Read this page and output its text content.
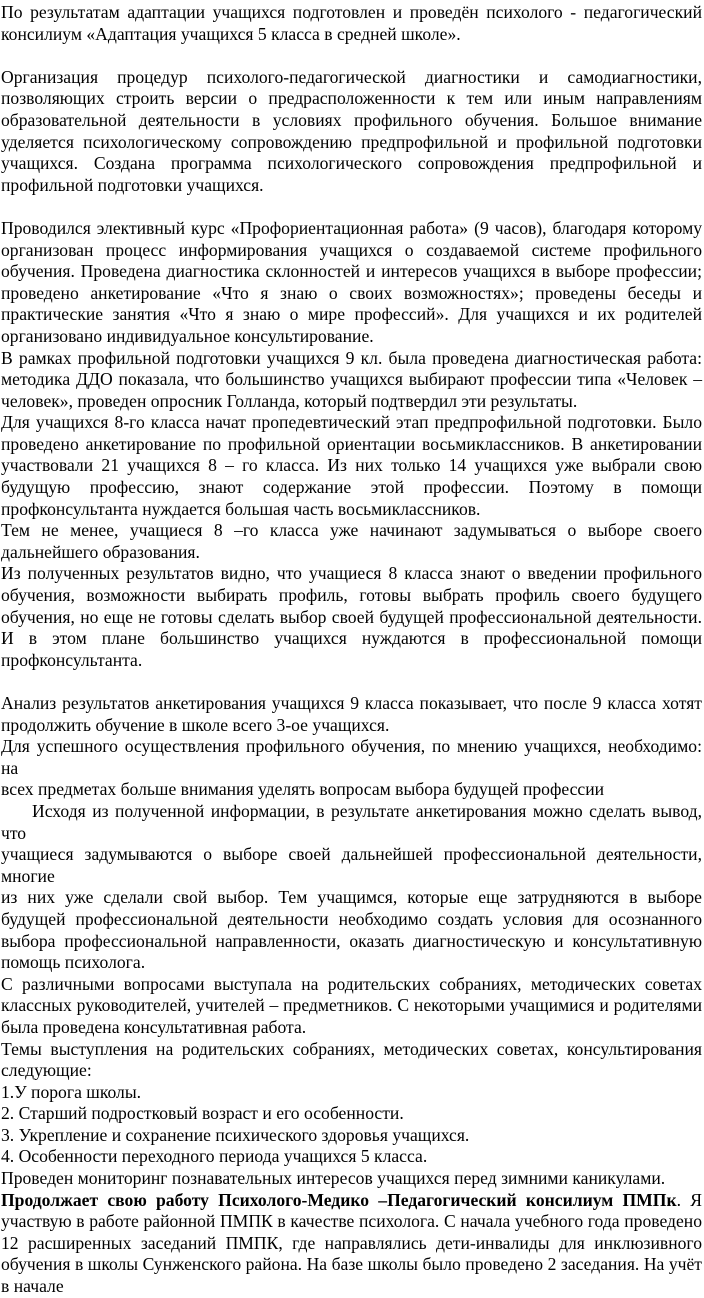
По результатам адаптации учащихся подготовлен и проведён психолого - педагогический консилиум «Адаптация учащихся 5 класса в средней школе».

Организация процедур психолого-педагогической диагностики и самодиагностики, позволяющих строить версии о предрасположенности к тем или иным направлениям образовательной деятельности в условиях профильного обучения. Большое внимание уделяется психологическому сопровождению предпрофильной и профильной подготовки учащихся. Создана программа психологического сопровождения предпрофильной и профильной подготовки учащихся.

Проводился элективный курс «Профориентационная работа» (9 часов), благодаря которому организован процесс информирования учащихся о создаваемой системе профильного обучения. Проведена диагностика склонностей и интересов учащихся в выборе профессии; проведено анкетирование «Что я знаю о своих возможностях»; проведены беседы и практические занятия «Что я знаю о мире профессий». Для учащихся и их родителей организовано индивидуальное консультирование.

В рамках профильной подготовки учащихся 9 кл. была проведена диагностическая работа: методика ДДО показала, что большинство учащихся выбирают профессии типа «Человек – человек», проведен опросник Голланда, который подтвердил эти результаты.

Для учащихся 8-го класса начат пропедевтический этап предпрофильной подготовки. Было проведено анкетирование по профильной ориентации восьмиклассников. В анкетировании участвовали 21 учащихся 8 – го класса. Из них только 14 учащихся уже выбрали свою будущую профессию, знают содержание этой профессии. Поэтому в помощи профконсультанта нуждается большая часть восьмиклассников.

Тем не менее, учащиеся 8 –го класса уже начинают задумываться о выборе своего дальнейшего образования.

Из полученных результатов видно, что учащиеся 8 класса знают о введении профильного обучения, возможности выбирать профиль, готовы выбрать профиль своего будущего обучения, но еще не готовы сделать выбор своей будущей профессиональной деятельности. И в этом плане большинство учащихся нуждаются в профессиональной помощи профконсультанта.

Анализ результатов анкетирования учащихся 9 класса показывает, что после 9 класса хотят продолжить обучение в школе всего 3-ое учащихся.

Для успешного осуществления профильного обучения, по мнению учащихся, необходимо: на
всех предметах больше внимания уделять вопросам выбора будущей профессии

Исходя из полученной информации, в результате анкетирования можно сделать вывод, что
учащиеся задумываются о выборе своей дальнейшей профессиональной деятельности, многие
из них уже сделали свой выбор. Тем учащимся, которые еще затрудняются в выборе будущей профессиональной деятельности необходимо создать условия для осознанного выбора профессиональной направленности, оказать диагностическую и консультативную помощь психолога.

С различными вопросами выступала на родительских собраниях, методических советах классных руководителей, учителей – предметников. С некоторыми учащимися и родителями была проведена консультативная работа.

Темы выступления на родительских собраниях, методических советах, консультирования следующие:

1.У порога школы.
2. Старший подростковый возраст и его особенности.
3. Укрепление и сохранение психического здоровья учащихся.
4. Особенности переходного периода учащихся 5 класса.

Проведен мониторинг познавательных интересов учащихся перед зимними каникулами.

Продолжает свою работу Психолого-Медико –Педагогический консилиум ПМПк. Я участвую в работе районной ПМПК в качестве психолога. С начала учебного года проведено 12 расширенных заседаний ПМПК, где направлялись дети-инвалиды для инклюзивного обучения в школы Сунженского района. На базе школы было проведено 2 заседания. На учёт в начале
